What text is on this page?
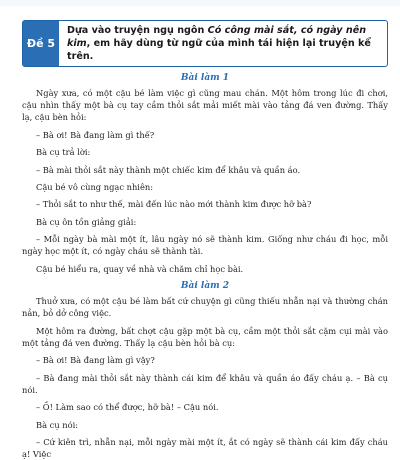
Đề 5
Dựa vào truyện ngụ ngôn Có công mài sắt, có ngày nên kim, em hãy dùng từ ngữ của mình tái hiện lại truyện kể trên.
Bài làm 1

Ngày xưa, có một cậu bé làm việc gì cũng mau chán. Một hôm trong lúc đi chơi, cậu nhìn thấy một bà cụ tay cầm thỏi sắt mải miết mài vào tảng đá ven đường. Thấy lạ, cậu bèn hỏi:

– Bà ơi! Bà đang làm gì thế?

Bà cụ trả lời:

– Bà mài thỏi sắt này thành một chiếc kim để khâu và quần áo.

Cậu bé vô cùng ngạc nhiên:

– Thỏi sắt to như thế, mài đến lúc nào mới thành kim được hỡ bà?

Bà cụ ôn tồn giảng giải:

– Mỗi ngày bà mài một ít, lâu ngày nó sẽ thành kim. Giống như cháu đi học, mỗi ngày học một ít, có ngày cháu sẽ thành tài.

Cậu bé hiểu ra, quay về nhà và chăm chỉ học bài.

Bài làm 2

Thuở xưa, có một cậu bé làm bất cứ chuyện gì cũng thiếu nhẫn nại và thường chán nản, bỏ dở công việc.

Một hôm ra đường, bất chợt cậu gặp một bà cụ, cầm một thỏi sắt cặm cụi mài vào một tảng đá ven đường. Thấy lạ cậu bèn hỏi bà cụ:

– Bà ơi! Bà đang làm gì vậy?

– Bà đang mài thỏi sắt này thành cái kim để khâu và quần áo đấy cháu ạ. – Bà cụ nói.

– Ồ! Làm sao có thể được, hỡ bà! – Cậu nói.

Bà cụ nói:

– Cứ kiên trì, nhẫn nại, mỗi ngày mài một ít, ắt có ngày sẽ thành cái kim đấy cháu ạ! Việc
